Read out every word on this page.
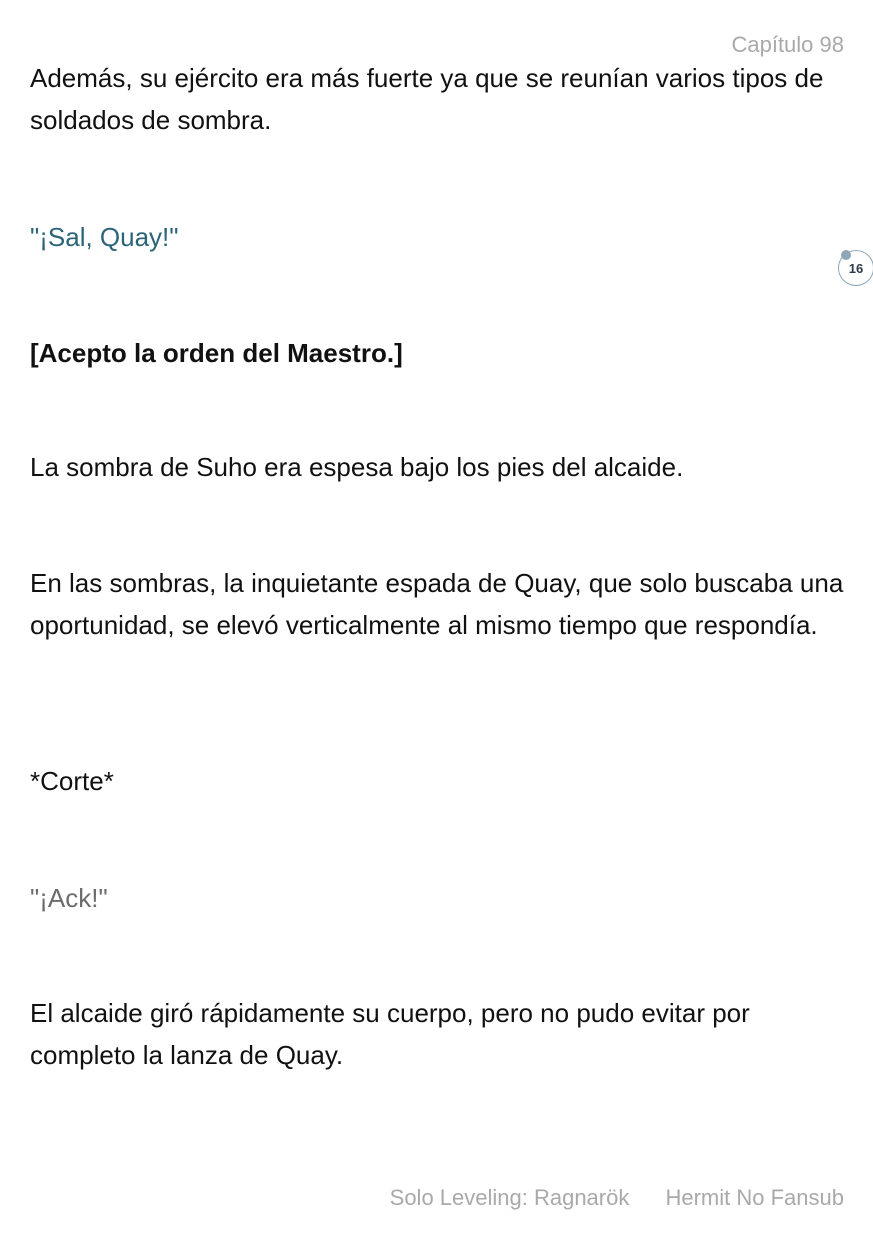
Capítulo 98

Además, su ejército era más fuerte ya que se reunían varios tipos de soldados de sombra.

"¡Sal, Quay!"

[Acepto la orden del Maestro.]

La sombra de Suho era espesa bajo los pies del alcaide.

En las sombras, la inquietante espada de Quay, que solo buscaba una oportunidad, se elevó verticalmente al mismo tiempo que respondía.

*Corte*

"¡Ack!"

El alcaide giró rápidamente su cuerpo, pero no pudo evitar por completo la lanza de Quay.

16
Solo Leveling: Ragnarök Hermit No Fansub
